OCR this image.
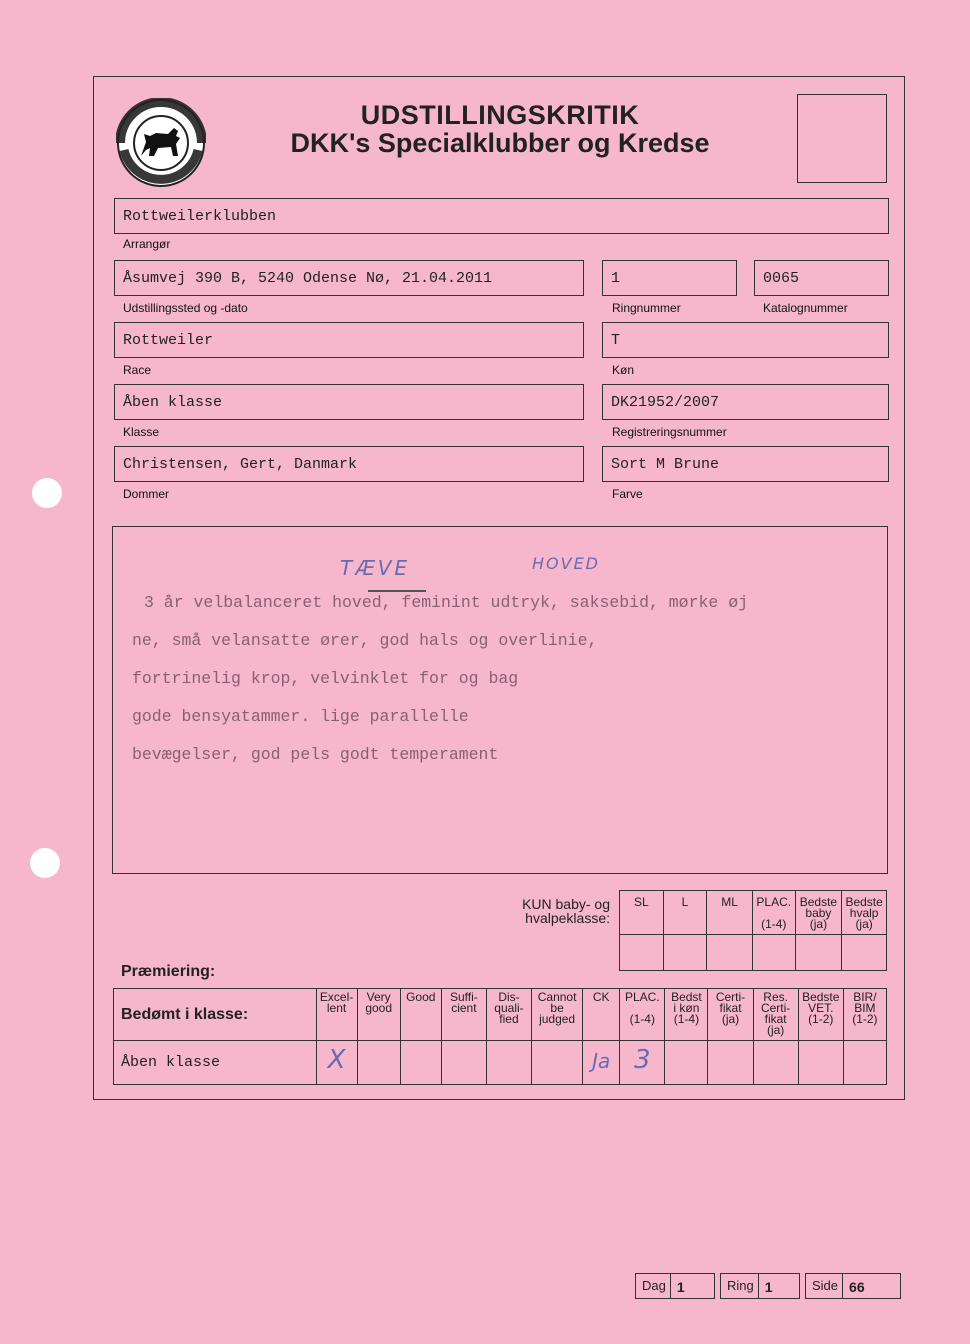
UDSTILLINGSKRITIK
DKK's Specialklubber og Kredse
Rottweilerklubben
Arrangør
Åsumvej 390 B, 5240 Odense Nø, 21.04.2011
Udstillingssted og -dato
1
Ringnummer
0065
Katalognummer
Rottweiler
Race
T
Køn
Åben klasse
Klasse
DK21952/2007
Registreringsnummer
Christensen, Gert, Danmark
Dommer
Sort M Brune
Farve

3 år velbalanceret hoved, feminint udtryk, saksebid, mørke øj

ne, små velansatte ører, god hals og overlinie,

fortrinelig krop, velvinklet for og bag

gode bensyatammer. lige parallelle

bevægelser, god pels godt temperament

TÆVE	HOVED
KUN baby- og
hvalpeklasse:
SL	L	ML	PLAC.

(1-4)	Bedste
baby
(ja)	Bedste
hvalp
(ja)

Præmiering:
Bedømt i klasse:	Excel-
lent	Very
good	Good	Suffi-
cient	Dis-
quali-
fied	Cannot
be
judged	CK	PLAC.

(1-4)	Bedst
i køn
(1-4)	Certi-
fikat
(ja)	Res.
Certi-
fikat
(ja)	Bedste
VET.
(1-2)	BIR/
BIM
(1-2)
Åben klasse	X						Ja	3					
Dag 1	Ring 1	Side 66
